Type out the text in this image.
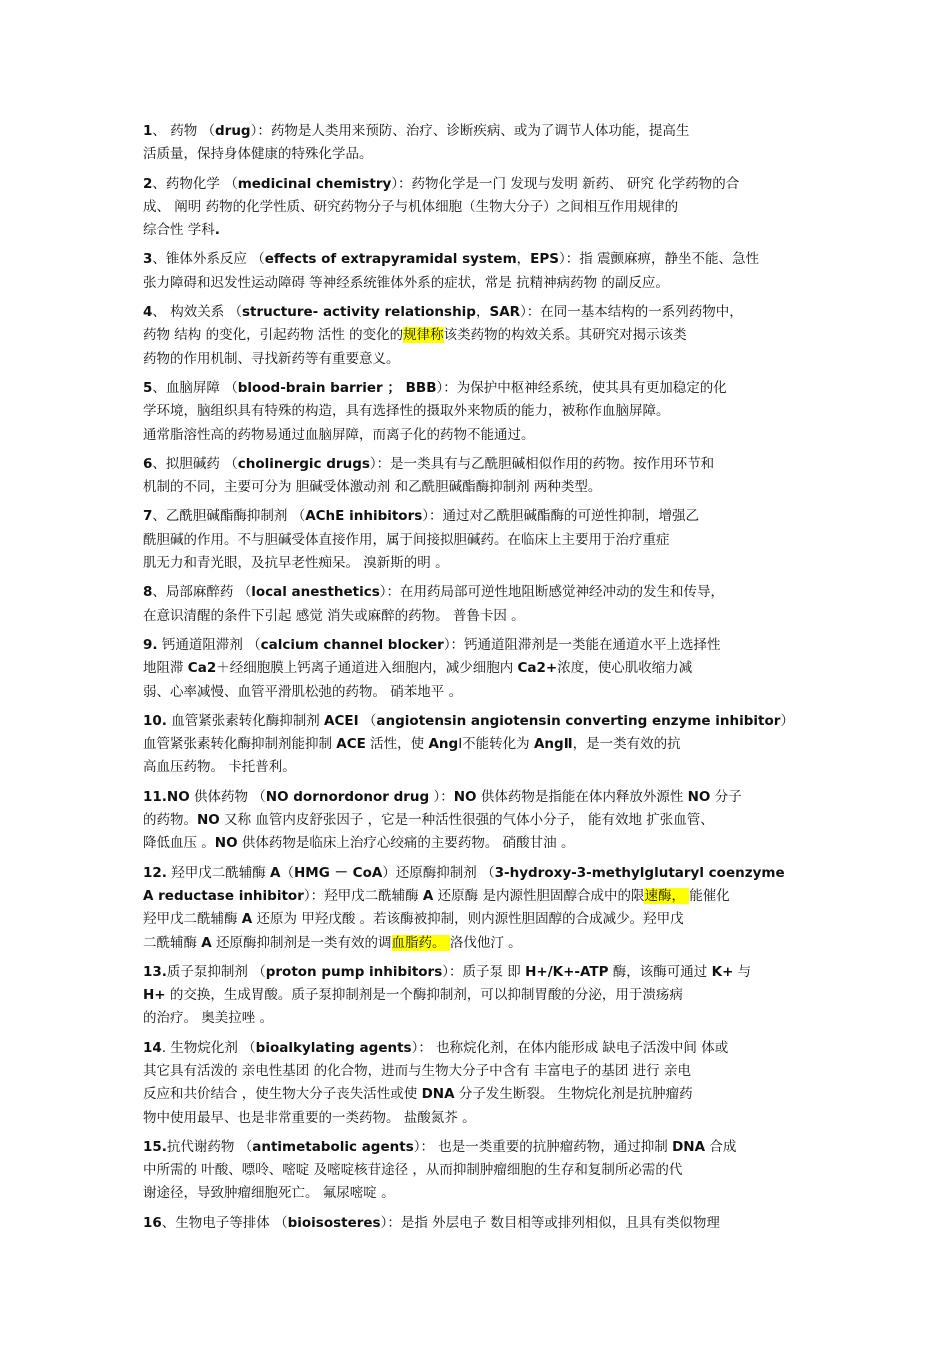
1、 药物 （drug）：药物是人类用来预防、治疗、诊断疾病、或为了调节人体功能，提高生
活质量，保持身体健康的特殊化学品。
2、药物化学 （medicinal chemistry）：药物化学是一门 发现与发明 新药、 研究 化学药物的合
成、 阐明 药物的化学性质、研究药物分子与机体细胞（生物大分子）之间相互作用规律的
综合性 学科.
3、锥体外系反应 （effects of extrapyramidal system，EPS）：指 震颤麻痹，静坐不能、急性
张力障碍和迟发性运动障碍 等神经系统锥体外系的症状，常是 抗精神病药物 的副反应。
4、 构效关系 （structure- activity relationship，SAR）：在同一基本结构的一系列药物中，
药物 结构 的变化，引起药物 活性 的变化的规律称该类药物的构效关系。其研究对揭示该类
药物的作用机制、寻找新药等有重要意义。
5、血脑屏障 （blood-brain barrier ； BBB）：为保护中枢神经系统，使其具有更加稳定的化
学环境，脑组织具有特殊的构造，具有选择性的摄取外来物质的能力，被称作血脑屏障。
通常脂溶性高的药物易通过血脑屏障，而离子化的药物不能通过。
6、拟胆碱药 （cholinergic drugs）：是一类具有与乙酰胆碱相似作用的药物。按作用环节和
机制的不同，主要可分为 胆碱受体激动剂 和乙酰胆碱酯酶抑制剂 两种类型。
7、乙酰胆碱酯酶抑制剂 （AChE inhibitors）：通过对乙酰胆碱酯酶的可逆性抑制，增强乙
酰胆碱的作用。不与胆碱受体直接作用，属于间接拟胆碱药。在临床上主要用于治疗重症
肌无力和青光眼，及抗早老性痴呆。 溴新斯的明 。
8、局部麻醉药 （local anesthetics）：在用药局部可逆性地阻断感觉神经冲动的发生和传导，
在意识清醒的条件下引起 感觉 消失或麻醉的药物。 普鲁卡因 。
9. 钙通道阻滞剂 （calcium channel blocker）：钙通道阻滞剂是一类能在通道水平上选择性
地阻滞 Ca2＋经细胞膜上钙离子通道进入细胞内，减少细胞内 Ca2+浓度，使心肌收缩力减
弱、心率减慢、血管平滑肌松弛的药物。 硝苯地平 。
10. 血管紧张素转化酶抑制剂 ACEI （angiotensin angiotensin converting enzyme inhibitor）
血管紧张素转化酶抑制剂能抑制 ACE 活性，使 AngⅠ不能转化为 AngⅡ，是一类有效的抗
高血压药物。 卡托普利。
11.NO 供体药物 （NO dornordonor drug ）：NO 供体药物是指能在体内释放外源性 NO 分子
的药物。NO 又称 血管内皮舒张因子 ，它是一种活性很强的气体小分子， 能有效地 扩张血管、
降低血压 。NO 供体药物是临床上治疗心绞痛的主要药物。 硝酸甘油 。
12. 羟甲戊二酰辅酶 A（HMG － CoA）还原酶抑制剂 （3-hydroxy-3-methylglutaryl coenzyme
A reductase inhibitor）：羟甲戊二酰辅酶 A 还原酶 是内源性胆固醇合成中的限速酶， 能催化
羟甲戊二酰辅酶 A 还原为 甲羟戊酸 。若该酶被抑制，则内源性胆固醇的合成减少。羟甲戊
二酰辅酶 A 还原酶抑制剂是一类有效的调血脂药。 洛伐他汀 。
13.质子泵抑制剂 （proton pump inhibitors）：质子泵 即 H+/K+-ATP 酶，该酶可通过 K+ 与
H+ 的交换，生成胃酸。质子泵抑制剂是一个酶抑制剂，可以抑制胃酸的分泌，用于溃疡病
的治疗。 奥美拉唑 。
14. 生物烷化剂 （bioalkylating agents）： 也称烷化剂，在体内能形成 缺电子活泼中间 体或
其它具有活泼的 亲电性基团 的化合物，进而与生物大分子中含有 丰富电子的基团 进行 亲电
反应和共价结合 ，使生物大分子丧失活性或使 DNA 分子发生断裂。 生物烷化剂是抗肿瘤药
物中使用最早、也是非常重要的一类药物。 盐酸氮芥 。
15.抗代谢药物 （antimetabolic agents）： 也是一类重要的抗肿瘤药物，通过抑制 DNA 合成
中所需的 叶酸、嘌呤、嘧啶 及嘧啶核苷途径 ，从而抑制肿瘤细胞的生存和复制所必需的代
谢途径，导致肿瘤细胞死亡。 氟尿嘧啶 。
16、生物电子等排体 （bioisosteres）：是指 外层电子 数目相等或排列相似，且具有类似物理
